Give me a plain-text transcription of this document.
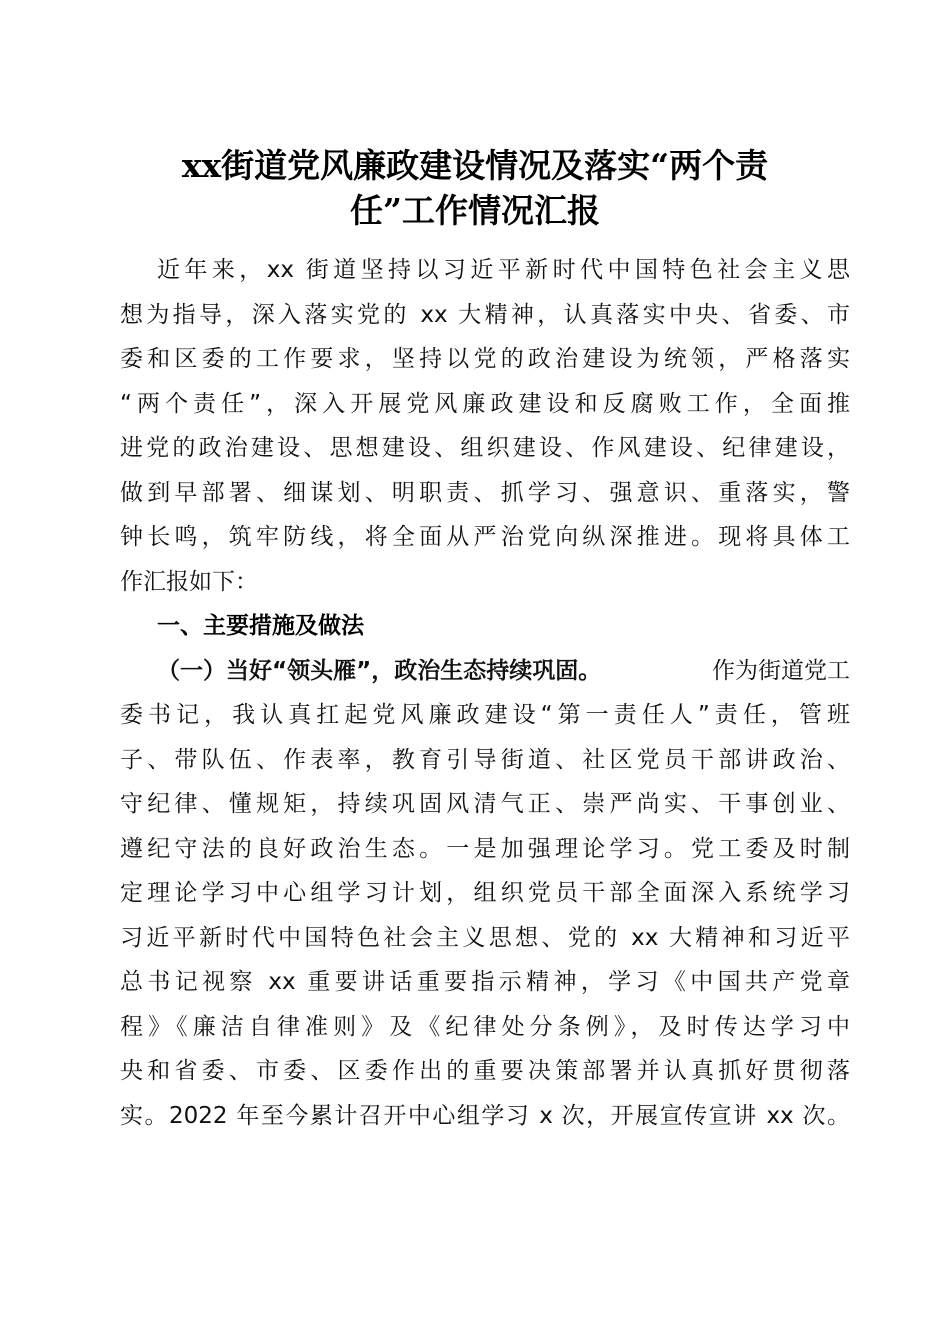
xx街道党风廉政建设情况及落实“两个责
任”工作情况汇报
近年来，xx 街道坚持以习近平新时代中国特色社会主义思
想为指导，深入落实党的 xx 大精神，认真落实中央、省委、市
委和区委的工作要求，坚持以党的政治建设为统领，严格落实
“两个责任”，深入开展党风廉政建设和反腐败工作，全面推
进党的政治建设、思想建设、组织建设、作风建设、纪律建设，
做到早部署、细谋划、明职责、抓学习、强意识、重落实，警
钟长鸣，筑牢防线，将全面从严治党向纵深推进。现将具体工
作汇报如下：
一、主要措施及做法
（一）当好“领头雁”，政治生态持续巩固。	作为街道党工
委书记，我认真扛起党风廉政建设“第一责任人”责任，管班
子、带队伍、作表率，教育引导街道、社区党员干部讲政治、
守纪律、懂规矩，持续巩固风清气正、崇严尚实、干事创业、
遵纪守法的良好政治生态。一是加强理论学习。党工委及时制
定理论学习中心组学习计划，组织党员干部全面深入系统学习
习近平新时代中国特色社会主义思想、党的 xx 大精神和习近平
总书记视察 xx 重要讲话重要指示精神，学习《中国共产党章
程》《廉洁自律准则》及《纪律处分条例》，及时传达学习中
央和省委、市委、区委作出的重要决策部署并认真抓好贯彻落
实。2022 年至今累计召开中心组学习 x 次，开展宣传宣讲 xx 次。
